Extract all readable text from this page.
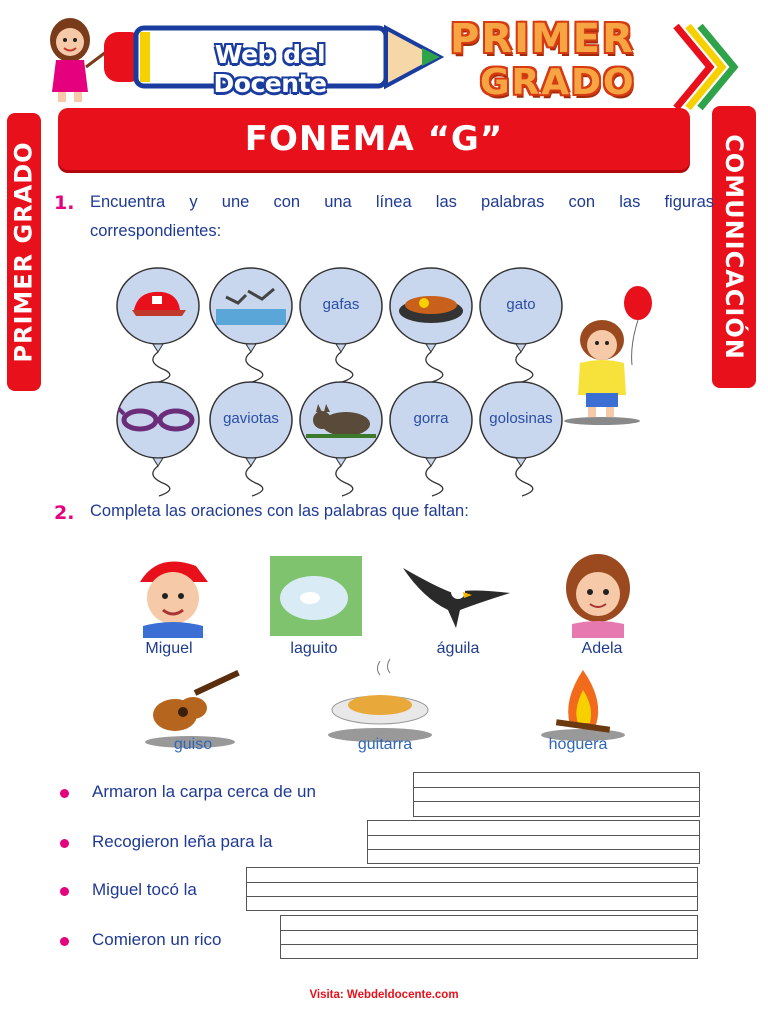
Web del Docente
PRIMER
GRADO
PRIMER GRADO	COMUNICACIÓN
FONEMA “G”
1. Encuentra y une con una línea las palabras con las figuras
correspondientes:
gafas	gato
gaviotas	gorra	golosinas
2. Completa las oraciones con las palabras que faltan:
Miguel	laguito	águila	Adela
guiso	guitarra	hoguera
Armaron la carpa cerca de un
Recogieron leña para la
Miguel tocó la
Comieron un rico
Visita: Webdeldocente.com
